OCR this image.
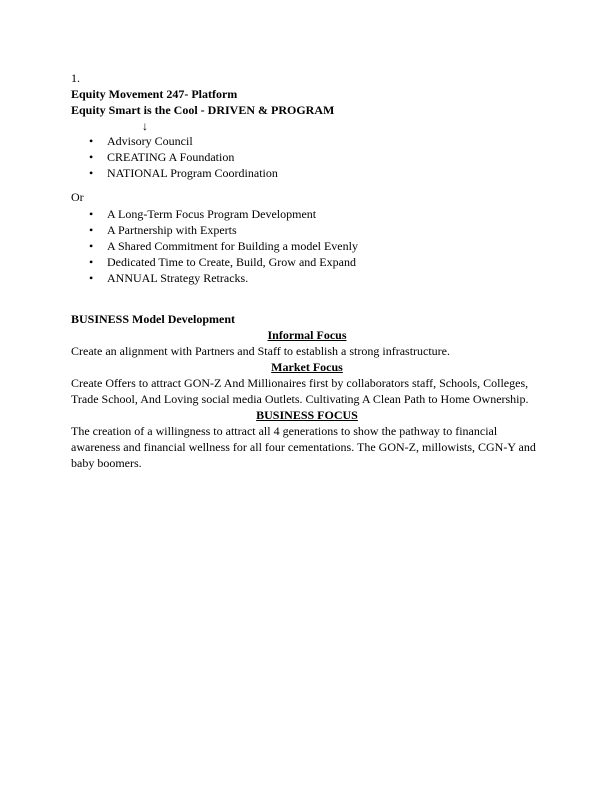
1.
Equity Movement 247- Platform
Equity Smart is the Cool - DRIVEN & PROGRAM
↓
• Advisory Council
• CREATING A Foundation
• NATIONAL Program Coordination
Or
• A Long-Term Focus Program Development
• A Partnership with Experts
• A Shared Commitment for Building a model Evenly
• Dedicated Time to Create, Build, Grow and Expand
• ANNUAL Strategy Retracks.
BUSINESS Model Development
Informal Focus
Create an alignment with Partners and Staff to establish a strong infrastructure.
Market Focus
Create Offers to attract GON-Z And Millionaires first by collaborators staff, Schools, Colleges, Trade School, And Loving social media Outlets. Cultivating A Clean Path to Home Ownership.
BUSINESS FOCUS
The creation of a willingness to attract all 4 generations to show the pathway to financial awareness and financial wellness for all four cementations. The GON-Z, millowists, CGN-Y and baby boomers.
